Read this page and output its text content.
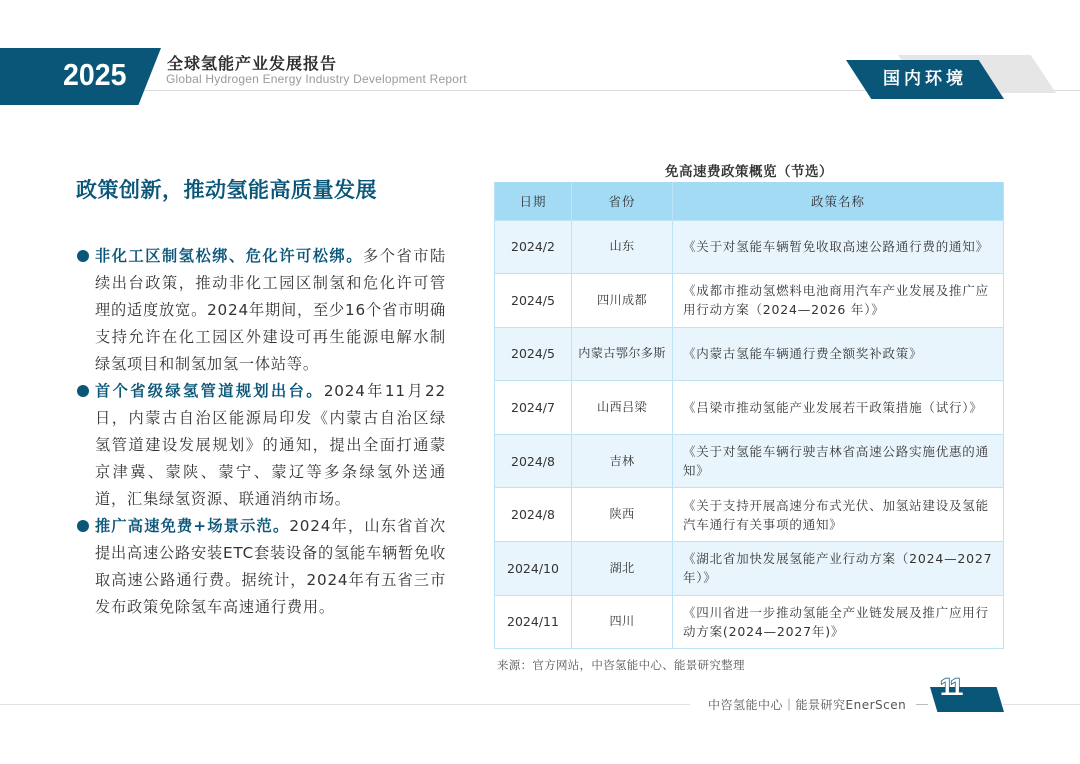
2025	全球氢能产业发展报告
Global Hydrogen Energy Industry Development Report	国内环境
政策创新，推动氢能高质量发展

非化工区制氢松绑、危化许可松绑。多个省市陆续出台政策，推动非化工园区制氢和危化许可管理的适度放宽。2024年期间，至少16个省市明确支持允许在化工园区外建设可再生能源电解水制绿氢项目和制氢加氢一体站等。

首个省级绿氢管道规划出台。2024年11月22日，内蒙古自治区能源局印发《内蒙古自治区绿氢管道建设发展规划》的通知，提出全面打通蒙京津冀、蒙陕、蒙宁、蒙辽等多条绿氢外送通道，汇集绿氢资源、联通消纳市场。

推广高速免费+场景示范。2024年，山东省首次提出高速公路安装ETC套装设备的氢能车辆暂免收取高速公路通行费。据统计，2024年有五省三市发布政策免除氢车高速通行费用。

免高速费政策概览（节选）
日期	省份	政策名称
2024/2	山东	《关于对氢能车辆暂免收取高速公路通行费的通知》
2024/5	四川成都	《成都市推动氢燃料电池商用汽车产业发展及推广应用行动方案（2024—2026 年）》
2024/5	内蒙古鄂尔多斯	《内蒙古氢能车辆通行费全额奖补政策》
2024/7	山西吕梁	《吕梁市推动氢能产业发展若干政策措施（试行）》
2024/8	吉林	《关于对氢能车辆行驶吉林省高速公路实施优惠的通知》
2024/8	陕西	《关于支持开展高速分布式光伏、加氢站建设及氢能汽车通行有关事项的通知》
2024/10	湖北	《湖北省加快发展氢能产业行动方案（2024—2027年）》
2024/11	四川	《四川省进一步推动氢能全产业链发展及推广应用行动方案(2024—2027年)》
来源：官方网站，中咨氢能中心、能景研究整理
中咨氢能中心｜能景研究EnerScen
11
